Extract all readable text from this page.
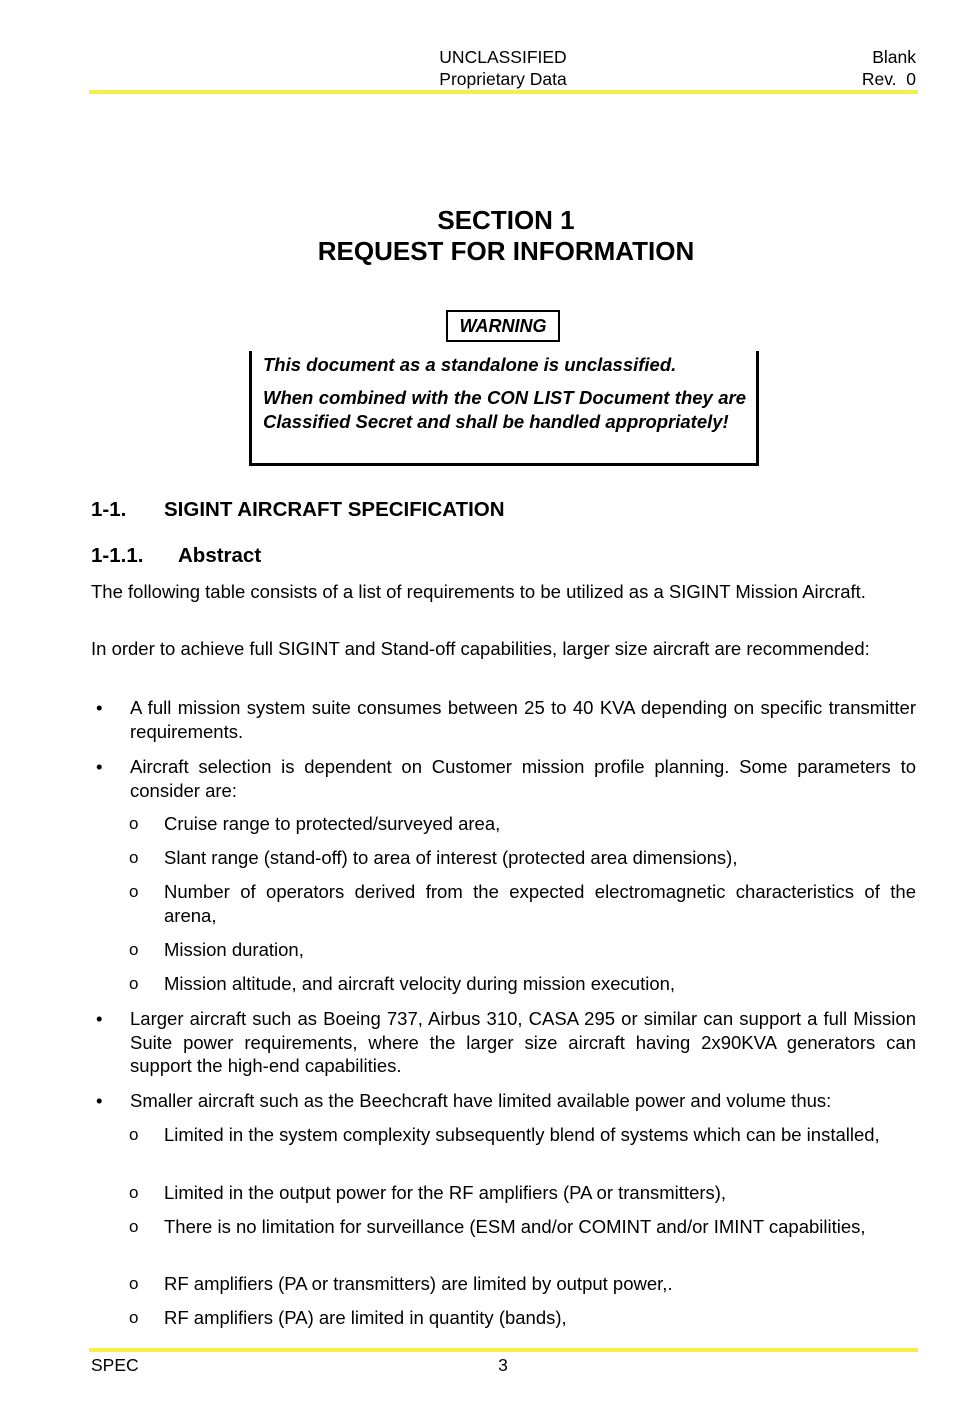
UNCLASSIFIED
Proprietary Data
Blank
Rev.  0
SECTION 1
REQUEST FOR INFORMATION
WARNING

This document as a standalone is unclassified.

When combined with the CON LIST Document they are Classified Secret and shall be handled appropriately!

1-1. SIGINT AIRCRAFT SPECIFICATION
1-1.1. Abstract

The following table consists of a list of requirements to be utilized as a SIGINT Mission Aircraft.

In order to achieve full SIGINT and Stand-off capabilities, larger size aircraft are recommended:

• A full mission system suite consumes between 25 to 40 KVA depending on specific transmitter requirements.
• Aircraft selection is dependent on Customer mission profile planning. Some parameters to consider are:
o Cruise range to protected/surveyed area,
o Slant range (stand-off) to area of interest (protected area dimensions),
o Number of operators derived from the expected electromagnetic characteristics of the arena,
o Mission duration,
o Mission altitude, and aircraft velocity during mission execution,
• Larger aircraft such as Boeing 737, Airbus 310, CASA 295 or similar can support a full Mission Suite power requirements, where the larger size aircraft having 2x90KVA generators can support the high-end capabilities.
• Smaller aircraft such as the Beechcraft have limited available power and volume thus:
o Limited in the system complexity subsequently blend of systems which can be installed,
o Limited in the output power for the RF amplifiers (PA or transmitters),
o There is no limitation for surveillance (ESM and/or COMINT and/or IMINT capabilities,
o RF amplifiers (PA or transmitters) are limited by output power,.
o RF amplifiers (PA) are limited in quantity (bands),
SPEC	3
